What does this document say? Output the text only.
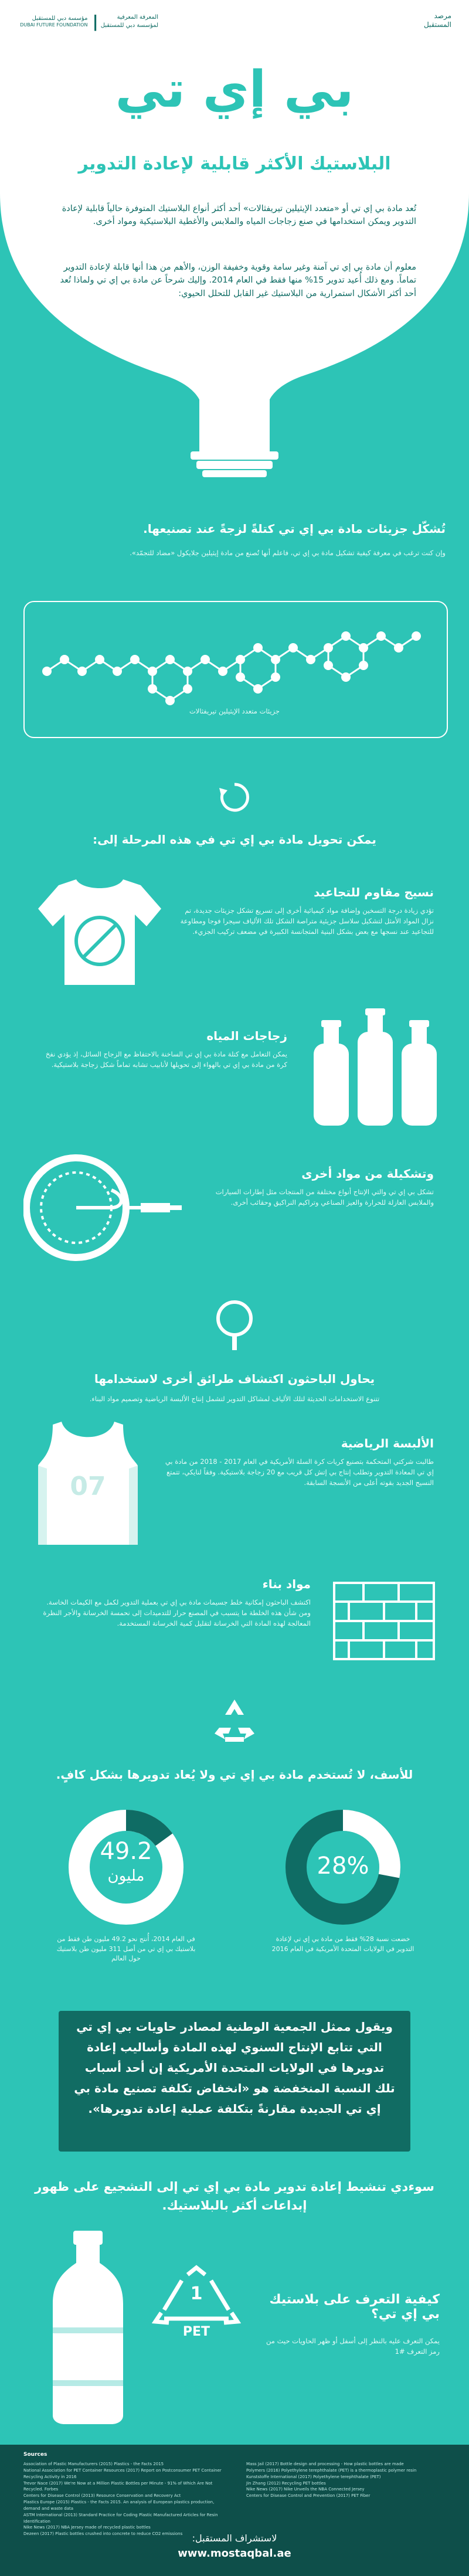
مرصد
المستقبل
المعرفة المعرفية
لمؤسسة دبي للمستقبل
|
مؤسسة دبي للمستقبل
DUBAI FUTURE FOUNDATION
بي إي تي
البلاستيك الأكثر قابلية لإعادة التدوير
تُعد مادة بي إي تي أو «متعدد الإيثيلين تيريفثالات» أحد أكثر أنواع البلاستيك المتوفرة حالياً قابلية لإعادة التدوير ويمكن استخدامها في صنع زجاجات المياه والملابس والأغطية البلاستيكية ومواد أخرى.
معلوم أن مادة بي إي تي آمنة وغير سامة وقوية وخفيفة الوزن، والأهم من هذا أنها قابلة لإعادة التدوير تماماً. ومع ذلك أُعيد تدوير 15% منها فقط في العام 2014. وإليك شرحاً عن مادة بي إي تي ولماذا تُعد أحد أكثر الأشكال استمرارية من البلاستيك غير القابل للتحلل الحيوي:
تُشكّل جزيئات مادة بي إي تي كتلةً لزجةً عند تصنيعها.
وإن كنت ترغب في معرفة كيفية تشكيل مادة بي إي تي، فاعلم أنها تُصنع من مادة إيثيلين جلايكول «مضاد للتجمّد».
جزيئات متعدد الإيثيلين تيريفثالات
يمكن تحويل مادة بي إي تي في هذه المرحلة إلى:
نسيج مقاوم للتجاعيد
تؤدي زيادة درجة التسخين وإضافة مواد كيميائية أخرى إلى تسريع تشكل جزيئات جديدة، تم نزال المواد الأمثل لتشكيل سلاسل جزيئية متراصة الشكل تلك الألياف سيجرا فوجا ومطاوعة للتجاعيد عند نسجها مع بعض بشكل البنية المتجانسة الكبيرة في مضعف تركيب الجزيء.
زجاجات المياه
يمكن التعامل مع كتلة مادة بي إي تي الساخنة بالاحتفاظ مع الزجاج السائل، إذ يؤدي نفخ كرة من مادة بي إي تي بالهواء إلى تحويلها لأنابيب تشابه تماماً شكل زجاجة بلاستيكية.
وتشكيلة من مواد أخرى
تشكل بي إي تي والتي الإنتاج أنواع مختلفة من المنتجات مثل إطارات السيارات والملابس العازلة للحرارة والعيز الصناعي وتراكيم النراكيق وحقائب أخرى.
يحاول الباحثون اكتشاف طرائق أخرى لاستخدامها
تتنوع الاستخدامات الحديثة لتلك الألياف لمشاكل التدوير لتشمل إنتاج الألبسة الرياضية وتصميم مواد البناء.
07
الألبسة الرياضية
طالبت شركتي المتحكمة بتصنيع كريات كرة السلة الأمريكية في العام 2017 - 2018 من مادة بي إي تي المعادة التدوير وتطلب إنتاج بي إتش كل قريب مع 20 زجاجة بلاستيكية. وفقاً لنايكي، تتمتع النسيج الجديد بقوته أعلى من الأنسجة السابقة.
مواد بناء
اكتشف الباحثون إمكانية خلط جسيمات مادة بي إي تي بعملية التدوير لكمل مع الكيمات الخاسة. ومن شأن هذه الخلطة ما يتسبب في المصنع حرار للتدميدات إلى نحمسة الخرسانة والأجر النظرة المعالجة لهذه المادة التي الخرسانة لتقليل كمية الخرسانة المستخدمة.
للأسف، لا تُستخدم مادة بي إي تي ولا يُعاد تدويرها بشكل كافٍ.
49.2
مليون	28%
في العام 2014، أُنتج نحو 49.2 مليون طن فقط من بلاستيك بي إي تي من أصل 311 مليون طن بلاستيك حول العالم
خضعت نسبة 28% فقط من مادة بي إي تي لإعادة التدوير في الولايات المتحدة الأمريكية في العام 2016
ويقول ممثل الجمعية الوطنية لمصادر حاويات بي إي تي التي تتابع الإنتاج السنوي لهذه المادة وأساليب إعادة تدويرها في الولايات المتحدة الأمريكية إن أحد أسباب تلك النسبة المنخفضة هو «انخفاض تكلفة تصنيع مادة بي إي تي الجديدة مقارنةً بتكلفة عملية إعادة تدويرها».
سوءدي تنشيط إعادة تدوير مادة بي إي تي إلى التشجيع على ظهور إبداعات أكثر بالبلاستيك.
1
PET
كيفية التعرف على بلاستيك بي إي تي؟
يمكن التعرف عليه بالنظر إلى أسفل أو ظهر الحاويات حيث من رمز التعرف #1
Sources
Association of Plastic Manufacturers (2015) Plastics - the Facts 2015
National Association for PET Container Resources (2017) Report on Postconsumer PET Container Recycling Activity in 2016
Trevor Nace (2017) We're Now at a Million Plastic Bottles per Minute - 91% of Which Are Not Recycled. Forbes
Centers for Disease Control (2013) Resource Conservation and Recovery Act
Plastics Europe (2015) Plastics - the Facts 2015. An analysis of European plastics production, demand and waste data
ASTM International (2013) Standard Practice for Coding Plastic Manufactured Articles for Resin Identification
Nike News (2017) NBA Jersey made of recycled plastic bottles
Dezeen (2017) Plastic bottles crushed into concrete to reduce CO2 emissions
Mass Jail (2017) Bottle design and processing - How plastic bottles are made
Polymers (2016) Polyethylene terephthalate (PET) is a thermoplastic polymer resin
Kunststoffe International (2017) Polyethylene terephthalate (PET)
Jin Zhang (2012) Recycling PET bottles
Nike News (2017) Nike Unveils the NBA Connected Jersey
Centers for Disease Control and Prevention (2017) PET Fiber
لاستشراف المستقبل:
www.mostaqbal.ae
